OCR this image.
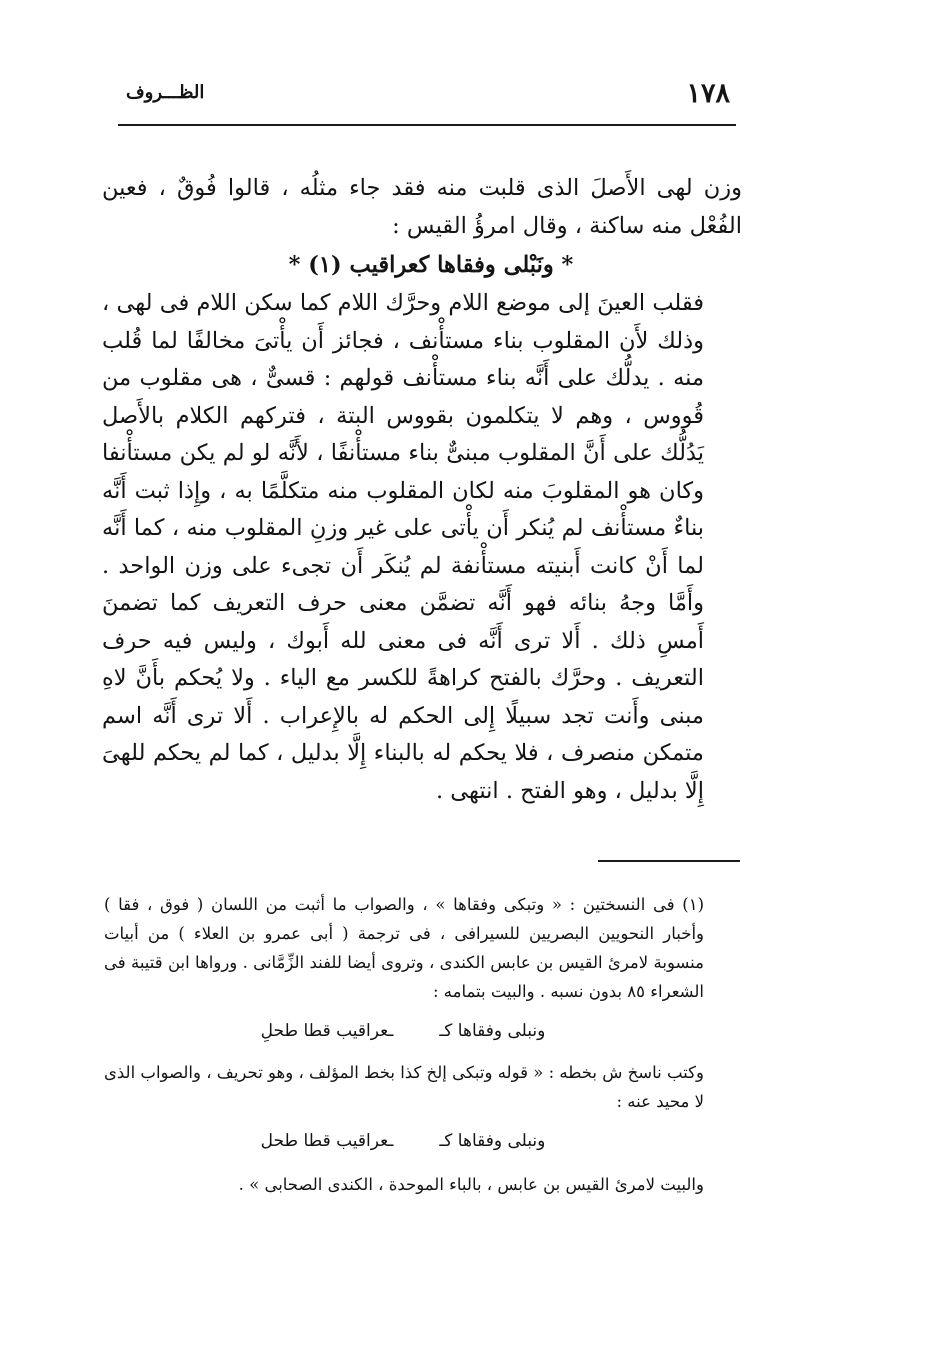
١٧٨
الظـــروف

وزن لهى الأَصلَ الذى قلبت منه فقد جاء مثلُه ، قالوا فُوقٌ ، فعين الفُعْل منه ساكنة ، وقال امرؤُ القيس :

* ونَبْلى وفقاها كعراقيب (١) *

فقلب العينَ إلى موضع اللام وحرَّك اللام كما سكن اللام فى لهى ، وذلك لأَن المقلوب بناء مستأْنف ، فجائز أَن يأْتىَ مخالفًا لما قُلب منه . يدلُّك على أَنَّه بناء مستأْنف قولهم : قسىٌّ ، هى مقلوب من قُووس ، وهم لا يتكلمون بقووس البتة ، فتركهم الكلام بالأَصل يَدُلُّك على أَنَّ المقلوب مبنىٌّ بناء مستأْنفًا ، لأَنَّه لو لم يكن مستأْنفا وكان هو المقلوبَ منه لكان المقلوب منه متكلَّمًا به ، وإِذا ثبت أَنَّه بناءٌ مستأْنف لم يُنكر أَن يأْتى على غير وزنِ المقلوب منه ، كما أَنَّه لما أَنْ كانت أَبنيته مستأْنفة لم يُنكَر أَن تجىء على وزن الواحد . وأَمَّا وجهُ بنائه فهو أَنَّه تضمَّن معنى حرف التعريف كما تضمنَ أَمسِ ذلك . أَلا ترى أَنَّه فى معنى لله أَبوك ، وليس فيه حرف التعريف . وحرَّك بالفتح كراهةً للكسر مع الياء . ولا يُحكم بأَنَّ لاهِ مبنى وأَنت تجد سبيلًا إِلى الحكم له بالإِعراب . أَلا ترى أَنَّه اسم متمكن منصرف ، فلا يحكم له بالبناء إِلَّا بدليل ، كما لم يحكم للهىَ إِلَّا بدليل ، وهو الفتح . انتهى .

(١) فى النسختين : « وتبكى وفقاها » ، والصواب ما أثبت من اللسان ( فوق ، فقا ) وأخبار النحويين البصريين للسيرافى ، فى ترجمة ( أبى عمرو بن العلاء ) من أبيات منسوبة لامرئ القيس بن عابس الكندى ، وتروى أيضا للفند الزِّمَّانى . ورواها ابن قتيبة فى الشعراء ٨٥ بدون نسبه . والبيت بتمامه :

ونبلى وفقاها كـ
ـعراقيب قطا طحلِ

وكتب ناسخ ش بخطه : « قوله وتبكى إلخ كذا بخط المؤلف ، وهو تحريف ، والصواب الذى لا محيد عنه :

ونبلى وفقاها كـ
ـعراقيب قطا طحل

والبيت لامرئ القيس بن عابس ، بالباء الموحدة ، الكندى الصحابى » .
